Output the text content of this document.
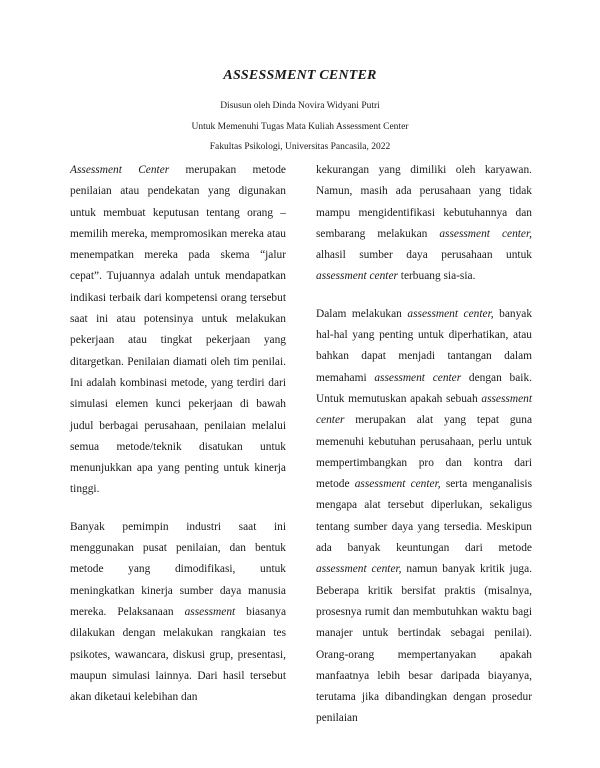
ASSESSMENT CENTER
Disusun oleh Dinda Novira Widyani Putri
Untuk Memenuhi Tugas Mata Kuliah Assessment Center
Fakultas Psikologi, Universitas Pancasila, 2022

Assessment Center merupakan metode penilaian atau pendekatan yang digunakan untuk membuat keputusan tentang orang – memilih mereka, mempromosikan mereka atau menempatkan mereka pada skema “jalur cepat”. Tujuannya adalah untuk mendapatkan indikasi terbaik dari kompetensi orang tersebut saat ini atau potensinya untuk melakukan pekerjaan atau tingkat pekerjaan yang ditargetkan. Penilaian diamati oleh tim penilai. Ini adalah kombinasi metode, yang terdiri dari simulasi elemen kunci pekerjaan di bawah judul berbagai perusahaan, penilaian melalui semua metode/teknik disatukan untuk menunjukkan apa yang penting untuk kinerja tinggi.

Banyak pemimpin industri saat ini menggunakan pusat penilaian, dan bentuk metode yang dimodifikasi, untuk meningkatkan kinerja sumber daya manusia mereka. Pelaksanaan assessment biasanya dilakukan dengan melakukan rangkaian tes psikotes, wawancara, diskusi grup, presentasi, maupun simulasi lainnya. Dari hasil tersebut akan diketaui kelebihan dan

kekurangan yang dimiliki oleh karyawan. Namun, masih ada perusahaan yang tidak mampu mengidentifikasi kebutuhannya dan sembarang melakukan assessment center, alhasil sumber daya perusahaan untuk assessment center terbuang sia-sia.

Dalam melakukan assessment center, banyak hal-hal yang penting untuk diperhatikan, atau bahkan dapat menjadi tantangan dalam memahami assessment center dengan baik. Untuk memutuskan apakah sebuah assessment center merupakan alat yang tepat guna memenuhi kebutuhan perusahaan, perlu untuk mempertimbangkan pro dan kontra dari metode assessment center, serta menganalisis mengapa alat tersebut diperlukan, sekaligus tentang sumber daya yang tersedia. Meskipun ada banyak keuntungan dari metode assessment center, namun banyak kritik juga. Beberapa kritik bersifat praktis (misalnya, prosesnya rumit dan membutuhkan waktu bagi manajer untuk bertindak sebagai penilai). Orang-orang mempertanyakan apakah manfaatnya lebih besar daripada biayanya, terutama jika dibandingkan dengan prosedur penilaian
